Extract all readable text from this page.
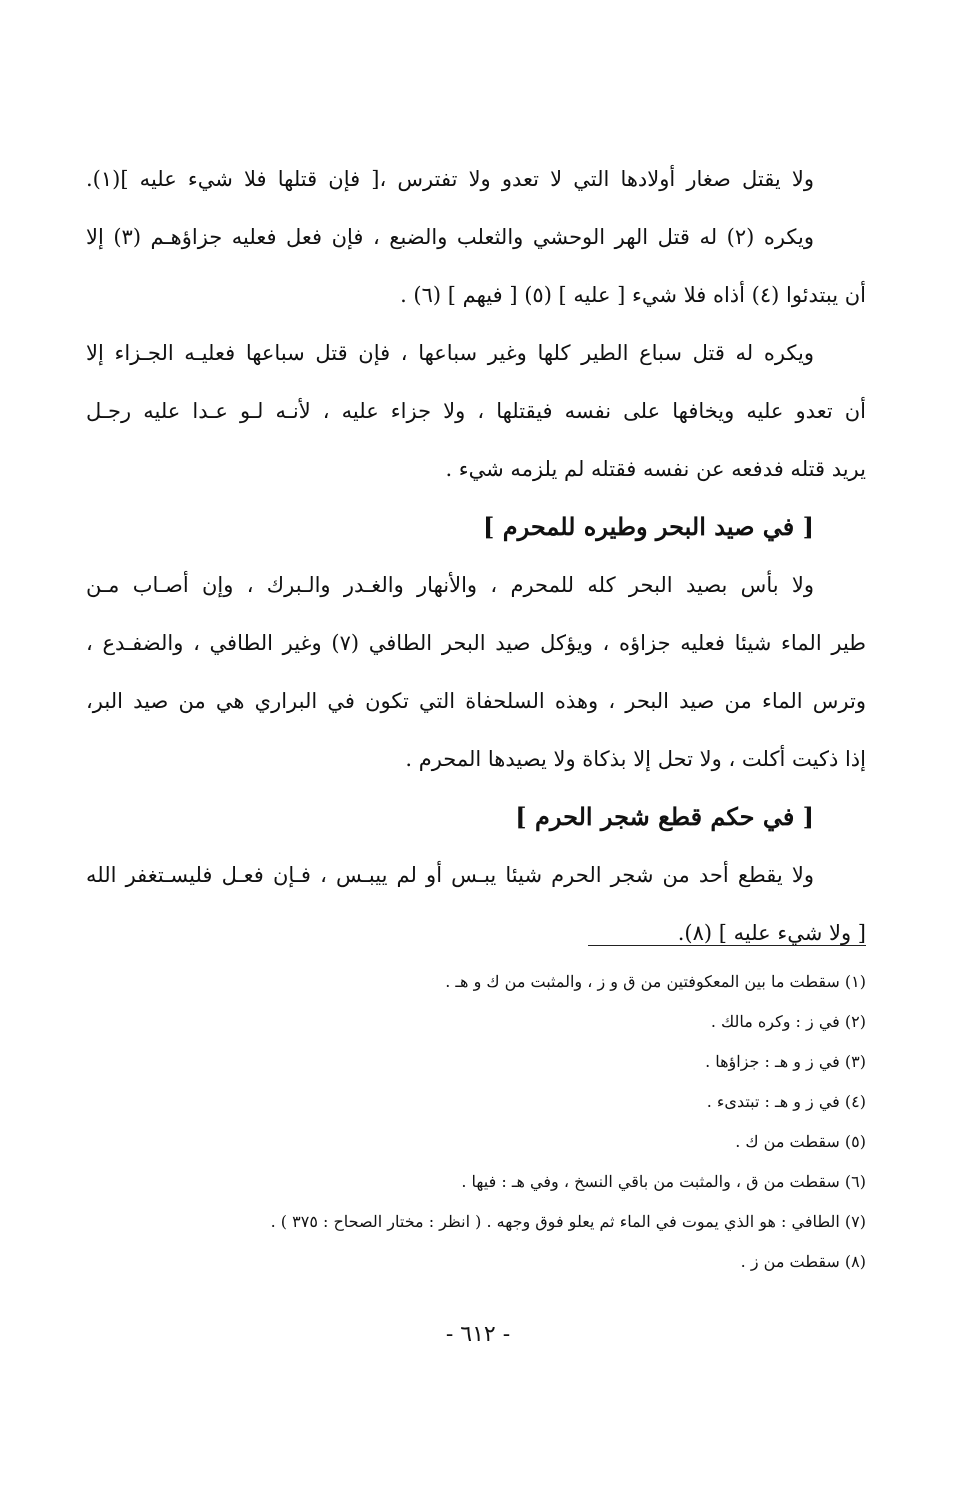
ولا يقتل صغار أولادها التي لا تعدو ولا تفترس ،[ فإن قتلها فلا شيء عليه ](١).
ويكره (٢) له قتل الهر الوحشي والثعلب والضبع ، فإن فعل فعليه جزاؤهـم (٣) إلا
أن يبتدئوا (٤) أذاه فلا شيء [ عليه ] (٥) [ فيهم ] (٦) .
ويكره له قتل سباع الطير كلها وغير سباعها ، فإن قتل سباعها فعليـه الجـزاء إلا
أن تعدو عليه ويخافها على نفسه فيقتلها ، ولا جزاء عليه ، لأنـه لـو عـدا عليه رجـل
يريد قتله فدفعه عن نفسه فقتله لم يلزمه شيء .
[ في صيد البحر وطيره للمحرم ]
ولا بأس بصيد البحر كله للمحرم ، والأنهار والغـدر والـبرك ، وإن أصـاب مـن
طير الماء شيئا فعليه جزاؤه ، ويؤكل صيد البحر الطافي (٧) وغير الطافي ، والضفـدع ،
وترس الماء من صيد البحر ، وهذه السلحفاة التي تكون في البراري هي من صيد البر،
إذا ذكيت أكلت ، ولا تحل إلا بذكاة ولا يصيدها المحرم .
[ في حكم قطع شجر الحرم ]
ولا يقطع أحد من شجر الحرم شيئا يبـس أو لم ييبـس ، فـإن فعـل فليسـتغفر الله
[ ولا شيء عليه ] (٨).
(١) سقطت ما بين المعكوفتين من ق و ز ، والمثبت من ك و هـ .
(٢) في ز : وكره مالك .
(٣) في ز و هـ : جزاؤها .
(٤) في ز و هـ : تبتدىء .
(٥) سقطت من ك .
(٦) سقطت من ق ، والمثبت من باقي النسخ ، وفي هـ : فيها .
(٧) الطافي : هو الذي يموت في الماء ثم يعلو فوق وجهه . ( انظر : مختار الصحاح : ٣٧٥ ) .
(٨) سقطت من ز .
- ٦١٢ -
